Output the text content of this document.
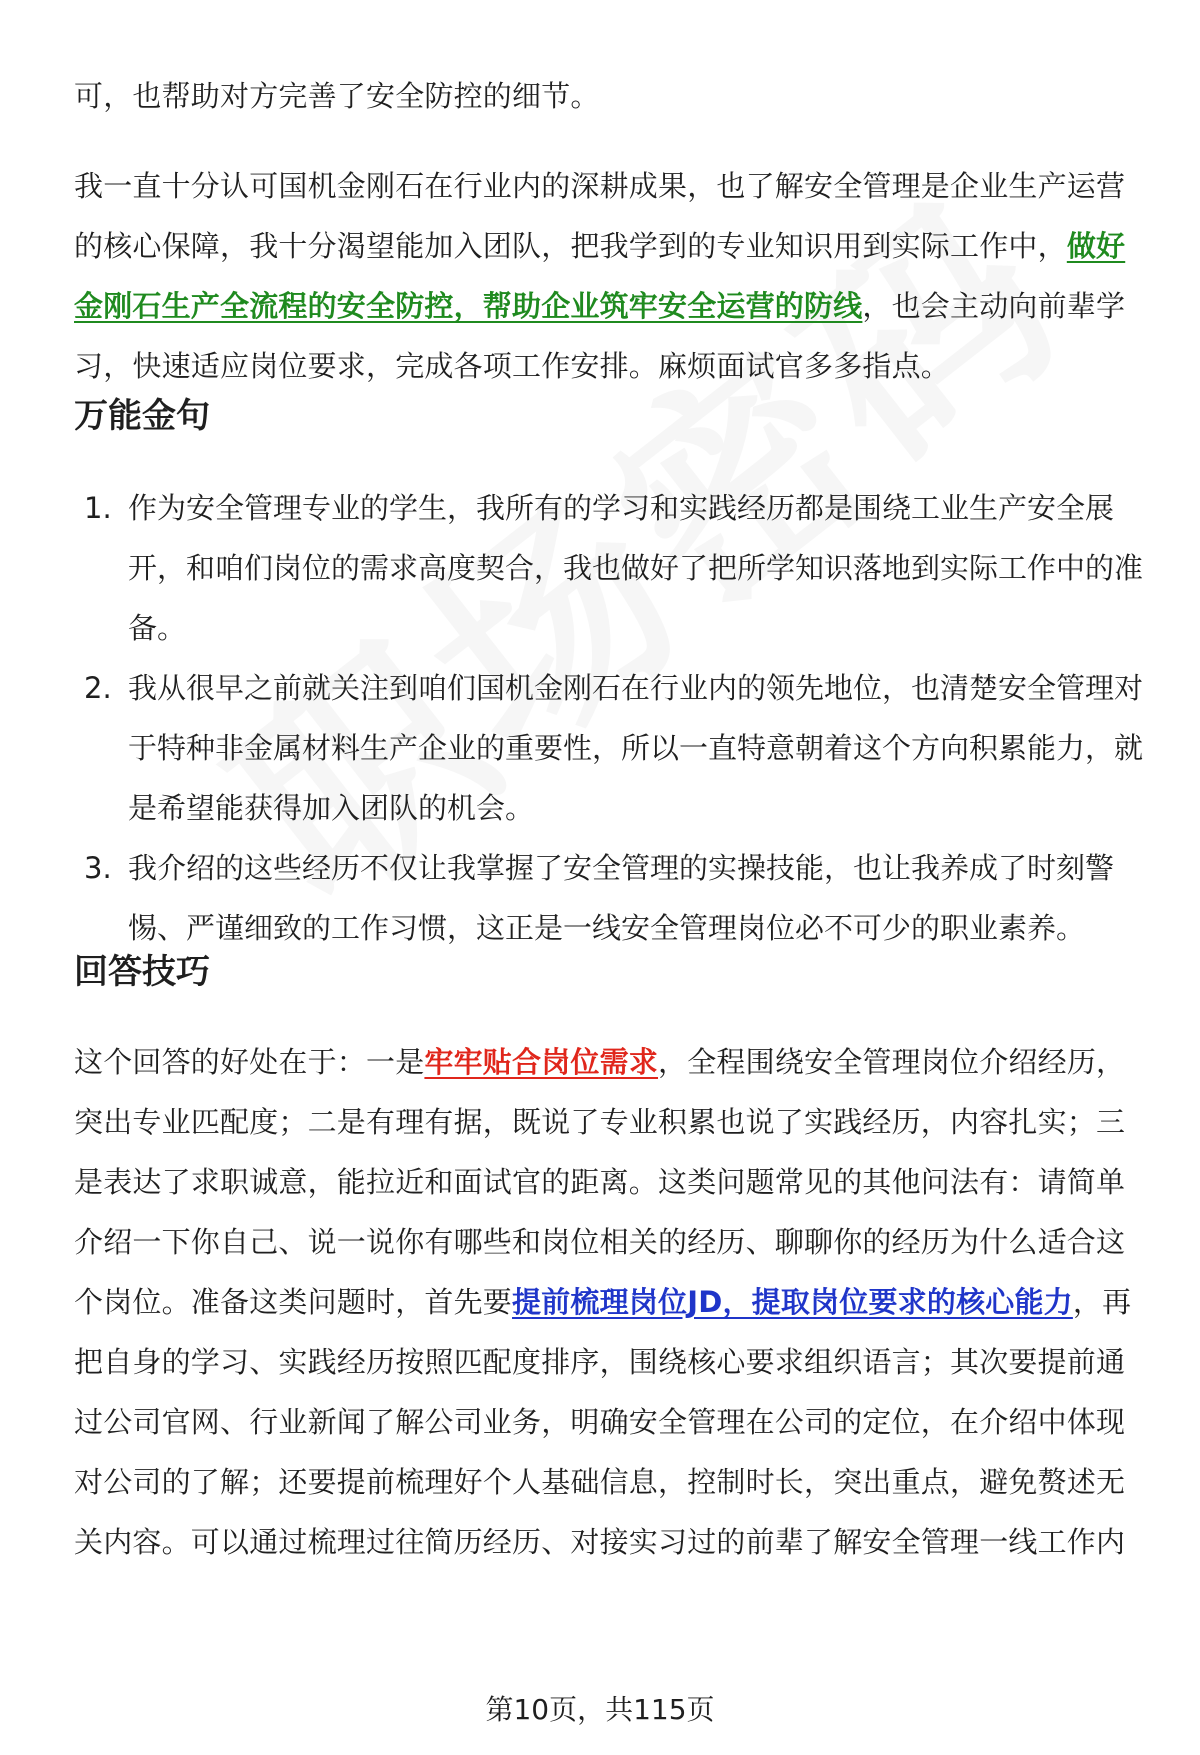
可，也帮助对方完善了安全防控的细节。

我一直十分认可国机金刚石在行业内的深耕成果，也了解安全管理是企业生产运营的核心保障，我十分渴望能加入团队，把我学到的专业知识用到实际工作中，做好金刚石生产全流程的安全防控，帮助企业筑牢安全运营的防线，也会主动向前辈学习，快速适应岗位要求，完成各项工作安排。麻烦面试官多多指点。

万能金句
1. 作为安全管理专业的学生，我所有的学习和实践经历都是围绕工业生产安全展开，和咱们岗位的需求高度契合，我也做好了把所学知识落地到实际工作中的准备。
2. 我从很早之前就关注到咱们国机金刚石在行业内的领先地位，也清楚安全管理对于特种非金属材料生产企业的重要性，所以一直特意朝着这个方向积累能力，就是希望能获得加入团队的机会。
3. 我介绍的这些经历不仅让我掌握了安全管理的实操技能，也让我养成了时刻警惕、严谨细致的工作习惯，这正是一线安全管理岗位必不可少的职业素养。
回答技巧

这个回答的好处在于：一是牢牢贴合岗位需求，全程围绕安全管理岗位介绍经历，突出专业匹配度；二是有理有据，既说了专业积累也说了实践经历，内容扎实；三是表达了求职诚意，能拉近和面试官的距离。这类问题常见的其他问法有：请简单介绍一下你自己、说一说你有哪些和岗位相关的经历、聊聊你的经历为什么适合这个岗位。准备这类问题时，首先要提前梳理岗位JD，提取岗位要求的核心能力，再把自身的学习、实践经历按照匹配度排序，围绕核心要求组织语言；其次要提前通过公司官网、行业新闻了解公司业务，明确安全管理在公司的定位，在介绍中体现对公司的了解；还要提前梳理好个人基础信息，控制时长，突出重点，避免赘述无关内容。可以通过梳理过往简历经历、对接实习过的前辈了解安全管理一线工作内

第10页，共115页
